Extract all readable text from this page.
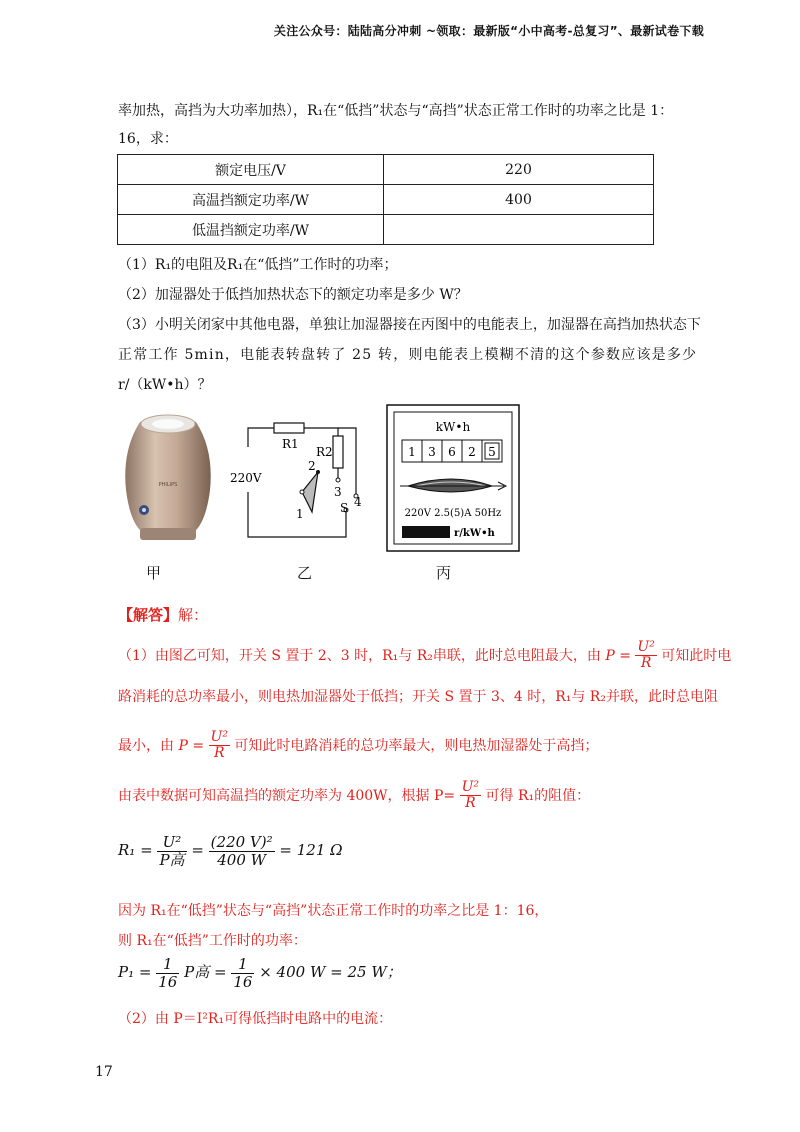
关注公众号：陆陆高分冲刺 ~领取：最新版“小中高考-总复习”、最新试卷下载
率加热，高挡为大功率加热），R₁在“低挡”状态与“高挡”状态正常工作时的功率之比是 1：
16，求：
额定电压/V	220
高温挡额定功率/W	400
低温挡额定功率/W	
（1）R₁的电阻及R₁在“低挡”工作时的功率；
（2）加湿器处于低挡加热状态下的额定功率是多少 W？
（3）小明关闭家中其他电器，单独让加湿器接在丙图中的电能表上，加湿器在高挡加热状态下
正常工作 5min，电能表转盘转了 25 转，则电能表上模糊不清的这个参数应该是多少
r/（kW•h）？
PHILIPS
甲
220V
R1
R2
2
3
4
S
1
乙
kW•h
1 3 6 2 5
220V 2.5(5)A 50Hz
r/kW•h
丙
【解答】解：
（1）由图乙可知，开关 S 置于 2、3 时，R₁与 R₂串联，此时总电阻最大，由 $P = \frac{\text{U²}}{R}$ 可知此时电
路消耗的总功率最小，则电热加湿器处于低挡；开关 S 置于 3、4 时，R₁与 R₂并联，此时总电阻
最小，由 $P = \frac{\text{U²}}{R}$ 可知此时电路消耗的总功率最大，则电热加湿器处于高挡；
由表中数据可知高温挡的额定功率为 400W，根据 $P= \frac{\text{U²}}{R}$ 可得 R₁的阻值：
$R_1 = \frac{\text{U²}}{\text{P高}} = \frac{\text{(220 V)²}}{400 W} = 121$ Ω
因为 R₁在“低挡”状态与“高挡”状态正常工作时的功率之比是 1：16，
则 R₁在“低挡”工作时的功率：
$P_1 = \frac{1}{16}$ P高 = $\frac{1}{16} \times 400$ W = 25 W；
（2）由 P＝I²R₁可得低挡时电路中的电流：
17
